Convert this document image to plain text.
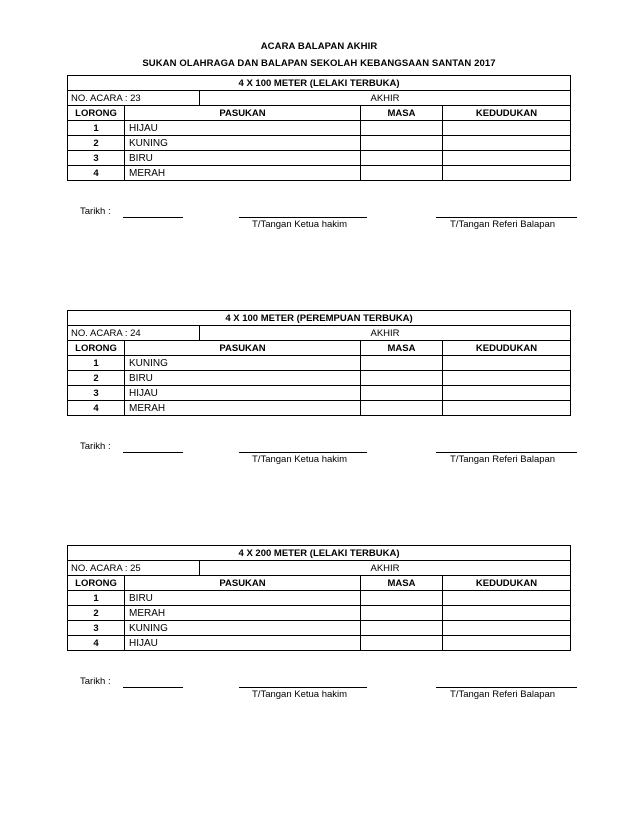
ACARA BALAPAN AKHIR
SUKAN OLAHRAGA DAN BALAPAN SEKOLAH KEBANGSAAN SANTAN 2017
4 X 100 METER (LELAKI TERBUKA)				
NO. ACARA : 23		AKHIR		
LORONG	PASUKAN		MASA	KEDUDUKAN
1	HIJAU			
2	KUNING			
3	BIRU			
4	MERAH			
Tarikh :
T/Tangan Ketua hakim	T/Tangan Referi Balapan
4 X 100 METER (PEREMPUAN TERBUKA)				
NO. ACARA : 24		AKHIR		
LORONG	PASUKAN		MASA	KEDUDUKAN
1	KUNING			
2	BIRU			
3	HIJAU			
4	MERAH			
Tarikh :
T/Tangan Ketua hakim	T/Tangan Referi Balapan
4 X 200 METER (LELAKI TERBUKA)				
NO. ACARA : 25		AKHIR		
LORONG	PASUKAN		MASA	KEDUDUKAN
1	BIRU			
2	MERAH			
3	KUNING			
4	HIJAU			
Tarikh :
T/Tangan Ketua hakim	T/Tangan Referi Balapan
